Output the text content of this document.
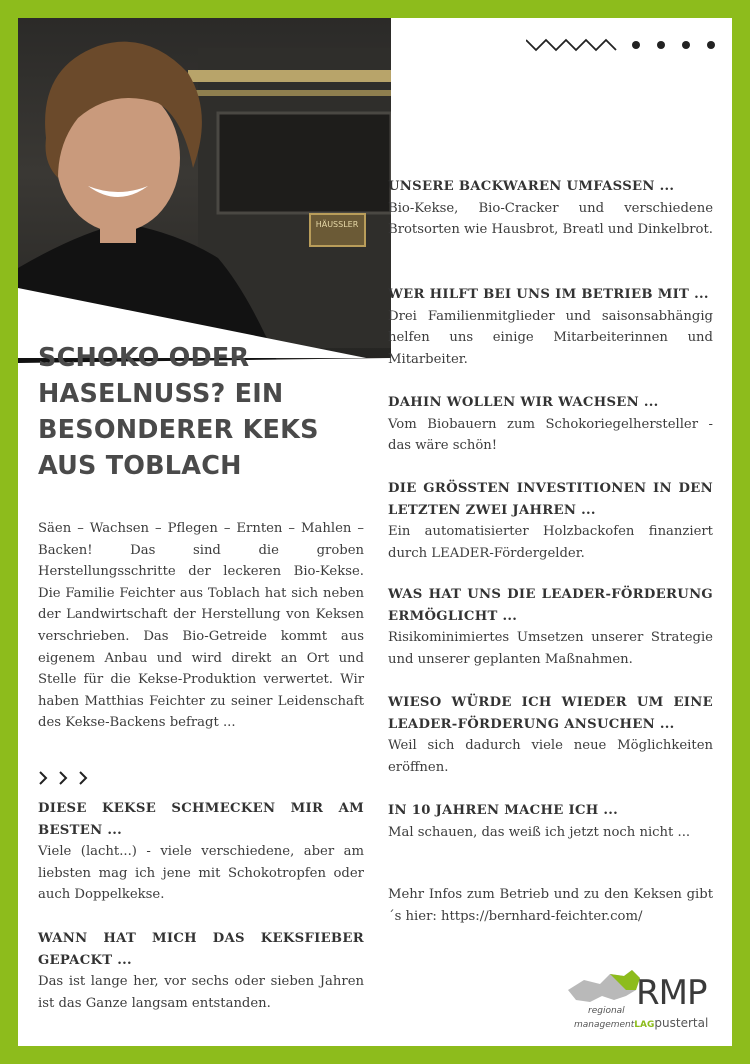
HÄUSSLER
SCHOKO ODER HASELNUSS? EIN BESONDERER KEKS AUS TOBLACH
Säen – Wachsen – Pflegen – Ernten – Mahlen – Backen! Das sind die groben Herstellungsschritte der leckeren Bio-Kekse. Die Familie Feichter aus Toblach hat sich neben der Landwirtschaft der Herstellung von Keksen verschrieben. Das Bio-Getreide kommt aus eigenem Anbau und wird direkt an Ort und Stelle für die Kekse-Produktion verwertet. Wir haben Matthias Feichter zu seiner Leidenschaft des Kekse-Backens befragt ...
DIESE KEKSE SCHMECKEN MIR AM BESTEN ...
Viele (lacht...) - viele verschiedene, aber am liebsten mag ich jene mit Schokotropfen oder auch Doppelkekse.
WANN HAT MICH DAS KEKSFIEBER GEPACKT ...
Das ist lange her, vor sechs oder sieben Jahren ist das Ganze langsam entstanden.
UNSERE BACKWAREN UMFASSEN ...
Bio-Kekse, Bio-Cracker und verschiedene Brotsorten wie Hausbrot, Breatl und Dinkelbrot.
WER HILFT BEI UNS IM BETRIEB MIT ...
Drei Familienmitglieder und saisonsabhängig helfen uns einige Mitarbeiterinnen und Mitarbeiter.
DAHIN WOLLEN WIR WACHSEN ...
Vom Biobauern zum Schokoriegelhersteller - das wäre schön!
DIE GRÖSSTEN INVESTITIONEN IN DEN LETZTEN ZWEI JAHREN ...
Ein automatisierter Holzbackofen finanziert durch LEADER-Fördergelder.
WAS HAT UNS DIE LEADER-FÖRDERUNG ERMÖGLICHT ...
Risikominimiertes Umsetzen unserer Strategie und unserer geplanten Maßnahmen.
WIESO WÜRDE ICH WIEDER UM EINE LEADER-FÖRDERUNG ANSUCHEN ...
Weil sich dadurch viele neue Möglichkeiten eröffnen.
IN 10 JAHREN MACHE ICH ...
Mal schauen, das weiß ich jetzt noch nicht ...
Mehr Infos zum Betrieb und zu den Keksen gibt´s hier: https://bernhard-feichter.com/
RMP
regional
managementLAGpustertal
